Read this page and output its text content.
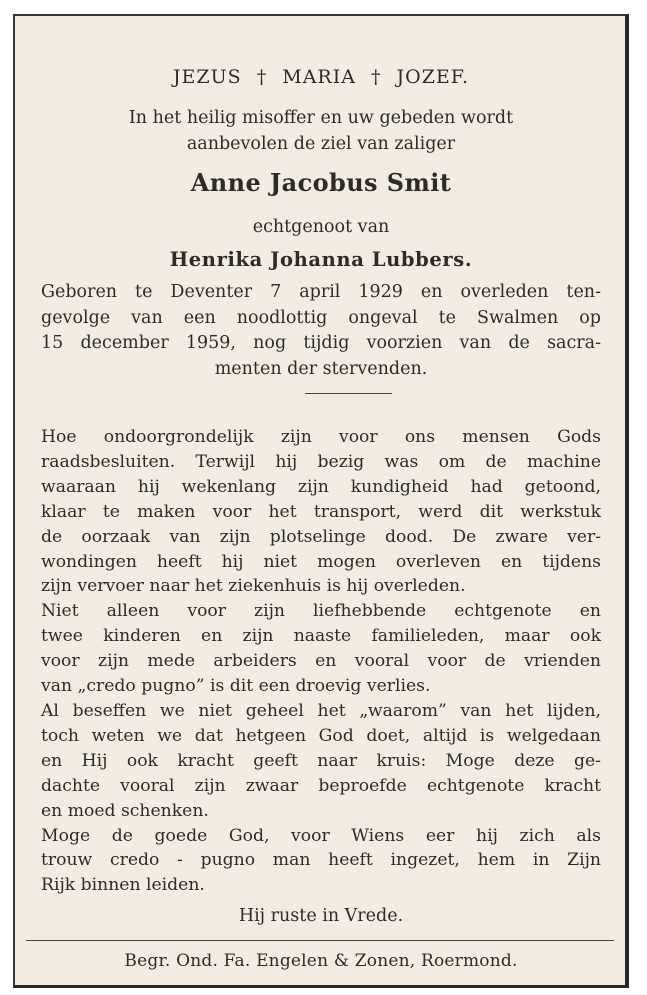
JEZUS † MARIA † JOZEF.
In het heilig misoffer en uw gebeden wordt
aanbevolen de ziel van zaliger
Anne Jacobus Smit
echtgenoot van
Henrika Johanna Lubbers.
Geboren te Deventer 7 april 1929 en overleden ten-
gevolge van een noodlottig ongeval te Swalmen op
15 december 1959, nog tijdig voorzien van de sacra-
menten der stervenden.
Hoe ondoorgrondelijk zijn voor ons mensen Gods
raadsbesluiten. Terwijl hij bezig was om de machine
waaraan hij wekenlang zijn kundigheid had getoond,
klaar te maken voor het transport, werd dit werkstuk
de oorzaak van zijn plotselinge dood. De zware ver-
wondingen heeft hij niet mogen overleven en tijdens
zijn vervoer naar het ziekenhuis is hij overleden.
Niet alleen voor zijn liefhebbende echtgenote en
twee kinderen en zijn naaste familieleden, maar ook
voor zijn mede arbeiders en vooral voor de vrienden
van „credo pugno” is dit een droevig verlies.
Al beseffen we niet geheel het „waarom” van het lijden,
toch weten we dat hetgeen God doet, altijd is welgedaan
en Hij ook kracht geeft naar kruis: Moge deze ge-
dachte vooral zijn zwaar beproefde echtgenote kracht
en moed schenken.
Moge de goede God, voor Wiens eer hij zich als
trouw credo - pugno man heeft ingezet, hem in Zijn
Rijk binnen leiden.
Hij ruste in Vrede.
Begr. Ond. Fa. Engelen & Zonen, Roermond.
